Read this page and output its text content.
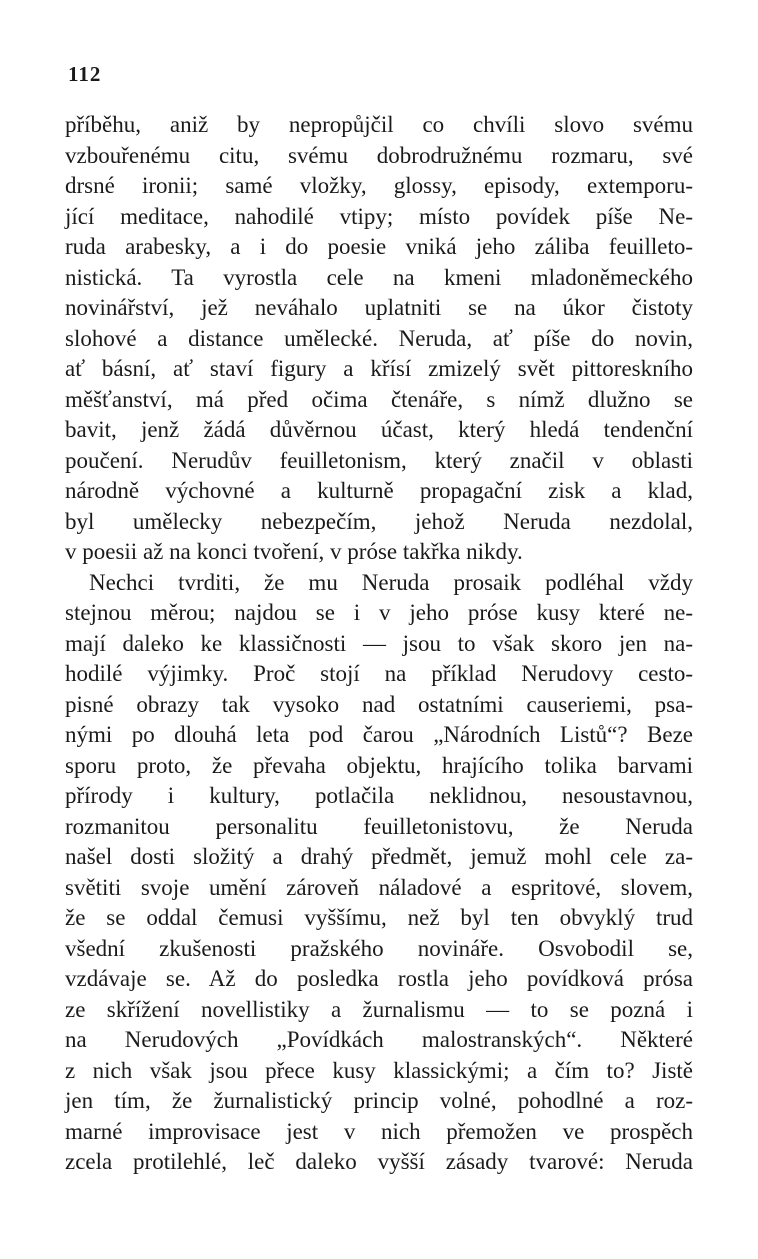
112
příběhu, aniž by nepropůjčil co chvíli slovo svému
vzbouřenému citu, svému dobrodružnému rozmaru, své
drsné ironii; samé vložky, glossy, episody, extemporu-
jící meditace, nahodilé vtipy; místo povídek píše Ne-
ruda arabesky, a i do poesie vniká jeho záliba feuilleto-
nistická. Ta vyrostla cele na kmeni mladoněmeckého
novinářství, jež neváhalo uplatniti se na úkor čistoty
slohové a distance umělecké. Neruda, ať píše do novin,
ať básní, ať staví figury a křísí zmizelý svět pittoreskního
měšťanství, má před očima čtenáře, s nímž dlužno se
bavit, jenž žádá důvěrnou účast, který hledá tendenční
poučení. Nerudův feuilletonism, který značil v oblasti
národně výchovné a kulturně propagační zisk a klad,
byl umělecky nebezpečím, jehož Neruda nezdolal,
v poesii až na konci tvoření, v próse takřka nikdy.
Nechci tvrditi, že mu Neruda prosaik podléhal vždy
stejnou měrou; najdou se i v jeho próse kusy které ne-
mají daleko ke klassičnosti — jsou to však skoro jen na-
hodilé výjimky. Proč stojí na příklad Nerudovy cesto-
pisné obrazy tak vysoko nad ostatními causeriemi, psa-
nými po dlouhá leta pod čarou „Národních Listů“? Beze
sporu proto, že převaha objektu, hrajícího tolika barvami
přírody i kultury, potlačila neklidnou, nesoustavnou,
rozmanitou personalitu feuilletonistovu, že Neruda
našel dosti složitý a drahý předmět, jemuž mohl cele za-
světiti svoje umění zároveň náladové a espritové, slovem,
že se oddal čemusi vyššímu, než byl ten obvyklý trud
všední zkušenosti pražského novináře. Osvobodil se,
vzdávaje se. Až do posledka rostla jeho povídková prósa
ze skřížení novellistiky a žurnalismu — to se pozná i
na Nerudových „Povídkách malostranských“. Některé
z nich však jsou přece kusy klassickými; a čím to? Jistě
jen tím, že žurnalistický princip volné, pohodlné a roz-
marné improvisace jest v nich přemožen ve prospěch
zcela protilehlé, leč daleko vyšší zásady tvarové: Neruda
